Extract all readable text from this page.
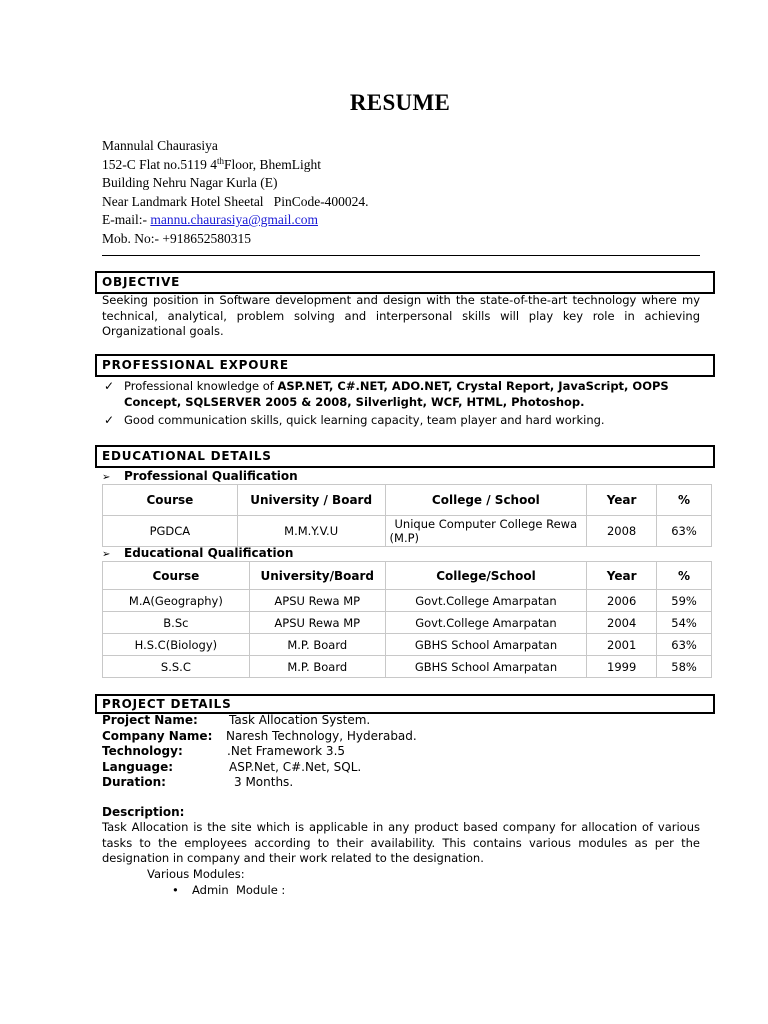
RESUME
Mannulal Chaurasiya
152-C Flat no.5119 4thFloor, BhemLight
Building Nehru Nagar Kurla (E)
Near Landmark Hotel Sheetal   PinCode-400024.
E-mail:- mannu.chaurasiya@gmail.com
Mob. No:- +918652580315
OBJECTIVE
Seeking position in Software development and design with the state-of-the-art technology where my technical, analytical, problem solving and interpersonal skills will play key role in achieving Organizational goals.
PROFESSIONAL EXPOURE
✓ Professional knowledge of ASP.NET, C#.NET, ADO.NET, Crystal Report, JavaScript, OOPS Concept, SQLSERVER 2005 & 2008, Silverlight, WCF, HTML, Photoshop.
✓ Good communication skills, quick learning capacity, team player and hard working.
EDUCATIONAL DETAILS
➢ Professional Qualification
Course	University / Board	College / School	Year	%
PGDCA	M.M.Y.V.U	Unique Computer College Rewa        (M.P)	2008	63%
➢ Educational Qualification
Course	University/Board	College/School	Year	%
M.A(Geography)	APSU Rewa MP	Govt.College Amarpatan	2006	59%
B.Sc	APSU Rewa MP	Govt.College Amarpatan	2004	54%
H.S.C(Biology)	M.P. Board	GBHS School Amarpatan	2001	63%
S.S.C	M.P. Board	GBHS School Amarpatan	1999	58%
PROJECT DETAILS
Project Name:	Task Allocation System.
Company Name: Naresh Technology, Hyderabad.
Technology:	.Net Framework 3.5
Language:	ASP.Net, C#.Net, SQL.
Duration:	3 Months.
Description:
Task Allocation is the site which is applicable in any product based company for allocation of various tasks to the employees according to their availability. This contains various modules as per the designation in company and their work related to the designation.
Various Modules:
• Admin  Module :
